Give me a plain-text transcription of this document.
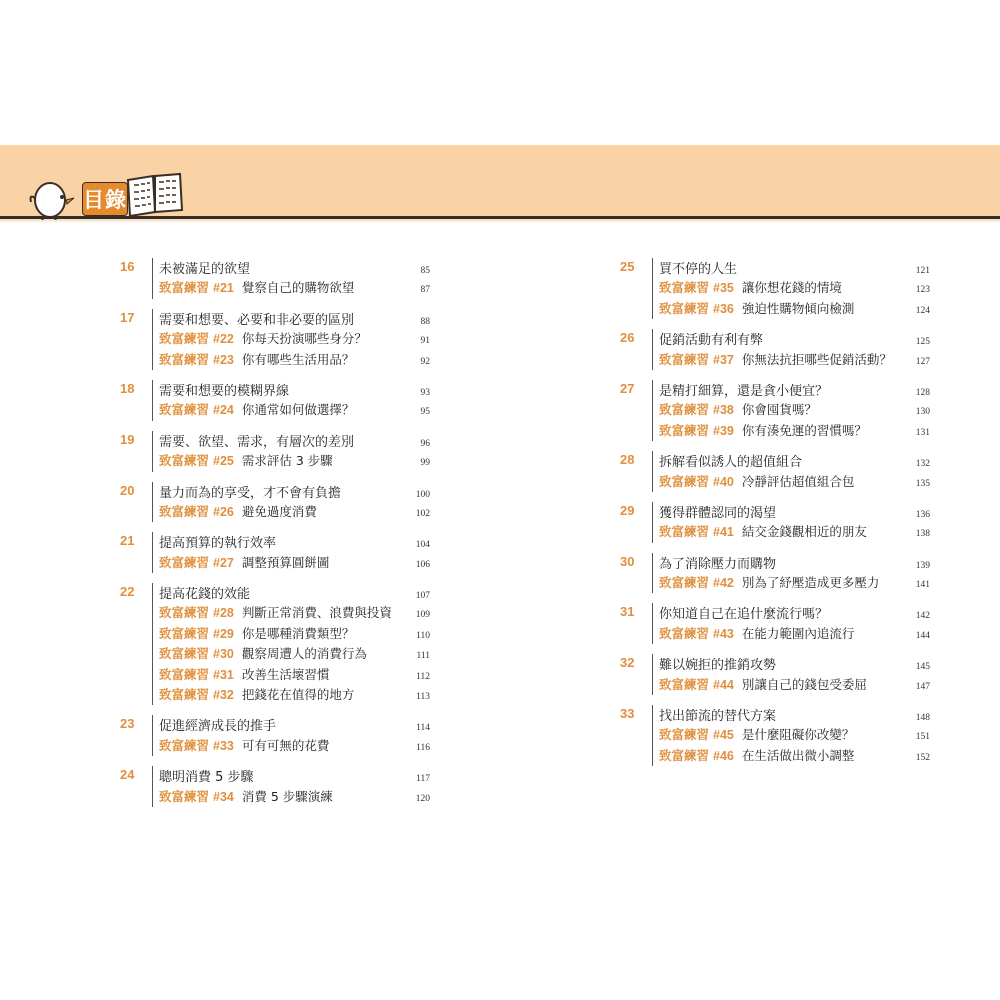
目錄
16	未被滿足的欲望	85
致富練習 #21 覺察自己的購物欲望	87
17	需要和想要、必要和非必要的區別	88
致富練習 #22 你每天扮演哪些身分？	91
致富練習 #23 你有哪些生活用品？	92
18	需要和想要的模糊界線	93
致富練習 #24 你通常如何做選擇？	95
19	需要、欲望、需求，有層次的差別	96
致富練習 #25 需求評估 3 步驟	99
20	量力而為的享受，才不會有負擔	100
致富練習 #26 避免過度消費	102
21	提高預算的執行效率	104
致富練習 #27 調整預算圓餅圖	106
22	提高花錢的效能	107
致富練習 #28 判斷正常消費、浪費與投資	109
致富練習 #29 你是哪種消費類型？	110
致富練習 #30 觀察周遭人的消費行為	111
致富練習 #31 改善生活壞習慣	112
致富練習 #32 把錢花在值得的地方	113
23	促進經濟成長的推手	114
致富練習 #33 可有可無的花費	116
24	聰明消費 5 步驟	117
致富練習 #34 消費 5 步驟演練	120
25	買不停的人生	121
致富練習 #35 讓你想花錢的情境	123
致富練習 #36 強迫性購物傾向檢測	124
26	促銷活動有利有弊	125
致富練習 #37 你無法抗拒哪些促銷活動？	127
27	是精打細算，還是貪小便宜？	128
致富練習 #38 你會囤貨嗎？	130
致富練習 #39 你有湊免運的習慣嗎？	131
28	拆解看似誘人的超值組合	132
致富練習 #40 冷靜評估超值組合包	135
29	獲得群體認同的渴望	136
致富練習 #41 結交金錢觀相近的朋友	138
30	為了消除壓力而購物	139
致富練習 #42 別為了紓壓造成更多壓力	141
31	你知道自己在追什麼流行嗎？	142
致富練習 #43 在能力範圍內追流行	144
32	難以婉拒的推銷攻勢	145
致富練習 #44 別讓自己的錢包受委屈	147
33	找出節流的替代方案	148
致富練習 #45 是什麼阻礙你改變？	151
致富練習 #46 在生活做出微小調整	152
